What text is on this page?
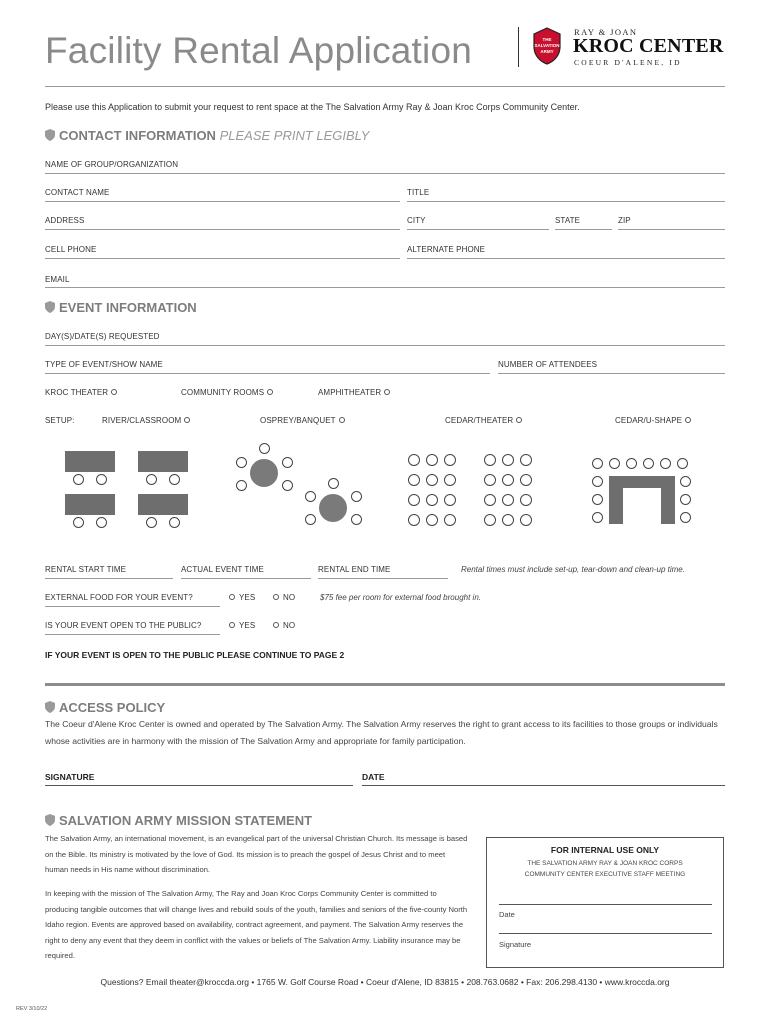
Facility Rental Application	THE
SALVATION
ARMY
RAY & JOAN
KROC CENTER
COEUR D'ALENE, ID
Please use this Application to submit your request to rent space at the The Salvation Army Ray & Joan Kroc Corps Community Center.
CONTACT INFORMATION PLEASE PRINT LEGIBLY
NAME OF GROUP/ORGANIZATION
CONTACT NAME	TITLE
ADDRESS	CITY	STATE	ZIP
CELL PHONE	ALTERNATE PHONE
EMAIL
EVENT INFORMATION
DAY(S)/DATE(S) REQUESTED
TYPE OF EVENT/SHOW NAME	NUMBER OF ATTENDEES
KROC THEATER	COMMUNITY ROOMS	AMPHITHEATER
SETUP:	RIVER/CLASSROOM	OSPREY/BANQUET	CEDAR/THEATER	CEDAR/U-SHAPE
RENTAL START TIME	ACTUAL EVENT TIME	RENTAL END TIME	Rental times must include set-up, tear-down and clean-up time.
EXTERNAL FOOD FOR YOUR EVENT?	YES	NO	$75 fee per room for external food brought in.
IS YOUR EVENT OPEN TO THE PUBLIC?	YES	NO
IF YOUR EVENT IS OPEN TO THE PUBLIC PLEASE CONTINUE TO PAGE 2
ACCESS POLICY
The Coeur d'Alene Kroc Center is owned and operated by The Salvation Army. The Salvation Army reserves the right to grant access to its facilities to those groups or individuals whose activities are in harmony with the mission of The Salvation Army and appropriate for family participation.
SIGNATURE	DATE
SALVATION ARMY MISSION STATEMENT
The Salvation Army, an international movement, is an evangelical part of the universal Christian Church. Its message is based on the Bible. Its ministry is motivated by the love of God. Its mission is to preach the gospel of Jesus Christ and to meet human needs in His name without discrimination.
In keeping with the mission of The Salvation Army, The Ray and Joan Kroc Corps Community Center is committed to producing tangible outcomes that will change lives and rebuild souls of the youth, families and seniors of the five-county North Idaho region. Events are approved based on availability, contract agreement, and payment. The Salvation Army reserves the right to deny any event that they deem in conflict with the values or beliefs of The Salvation Army. Liability insurance may be required.
FOR INTERNAL USE ONLY
THE SALVATION ARMY RAY & JOAN KROC CORPS
COMMUNITY CENTER EXECUTIVE STAFF MEETING
Date
Signature
Questions? Email theater@kroccda.org • 1765 W. Golf Course Road • Coeur d'Alene, ID 83815 • 208.763.0682 • Fax: 206.298.4130 • www.kroccda.org
REV 3/10/22
